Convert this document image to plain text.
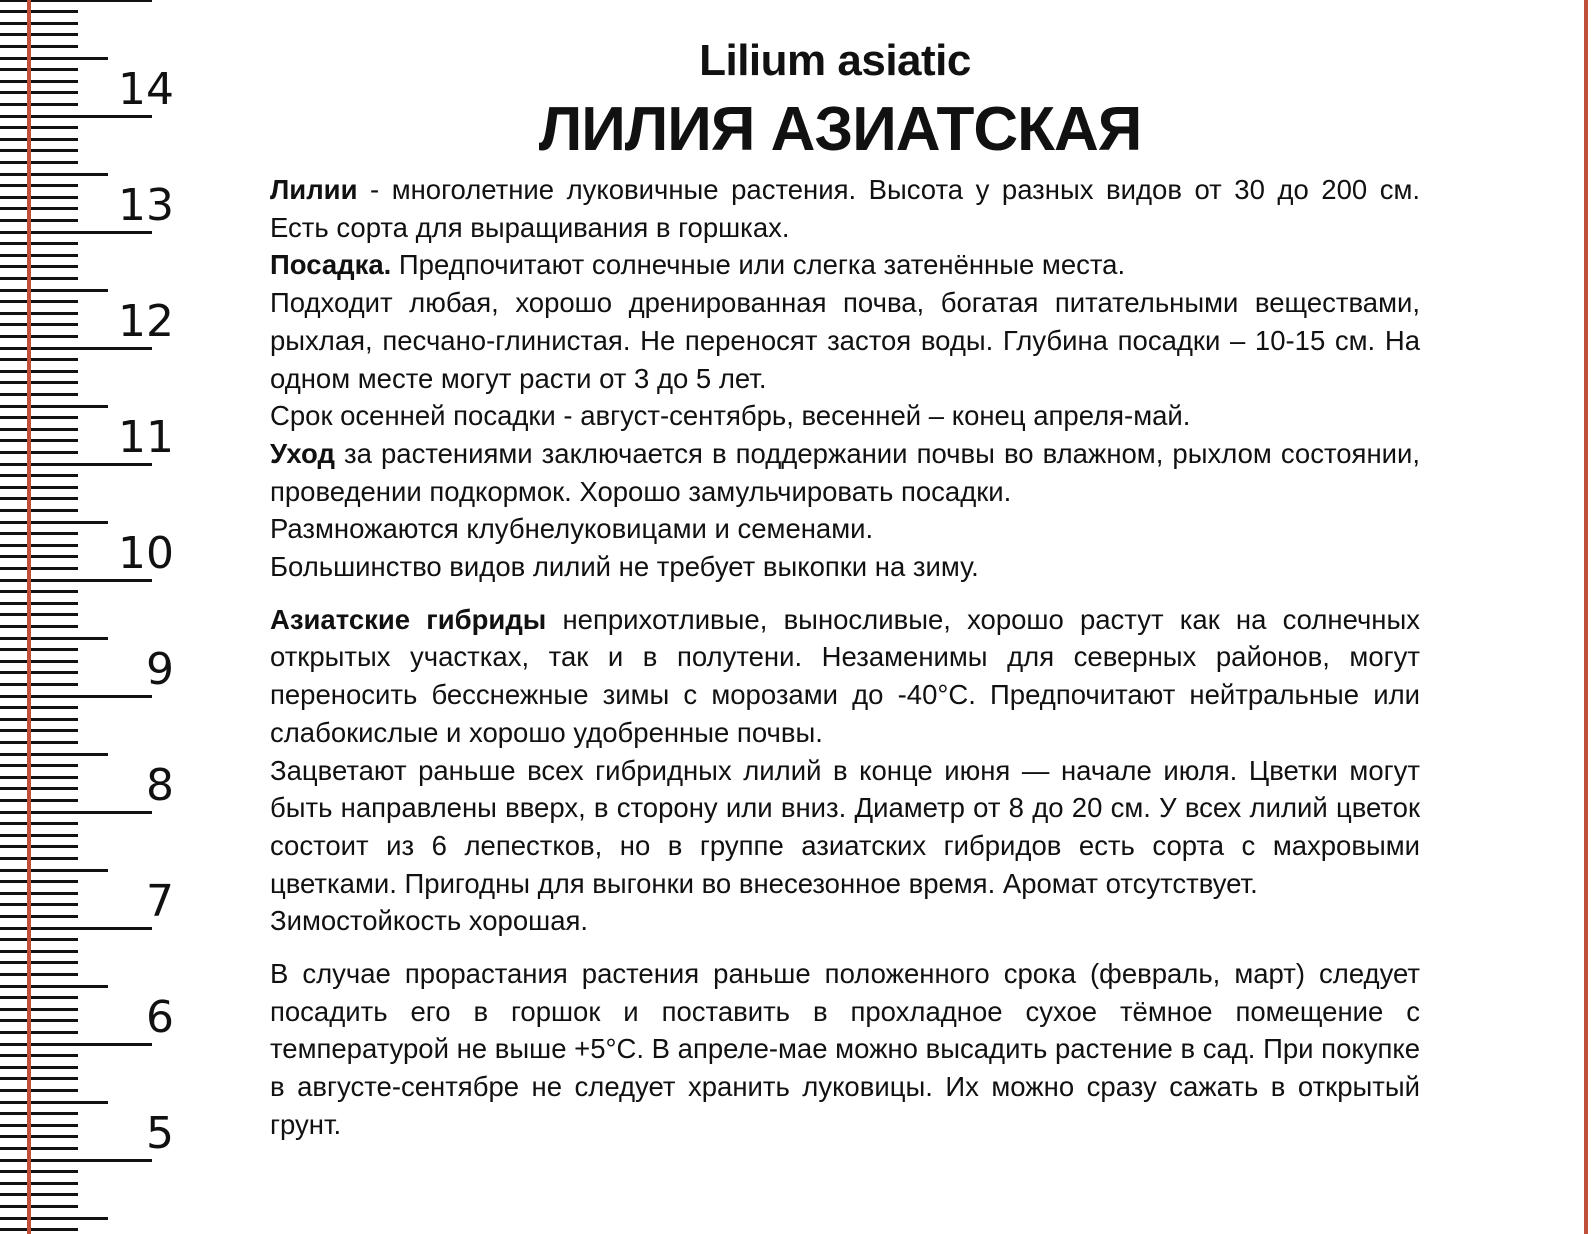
14
13
12
11
10
9
8
7
6
5
Lilium asiatic
ЛИЛИЯ АЗИАТСКАЯ

Лилии - многолетние луковичные растения. Высота у разных видов от 30 до 200 см. Есть сорта для выращивания в горшках.

Посадка. Предпочитают солнечные или слегка затенённые места.

Подходит любая, хорошо дренированная почва, богатая питательными веществами, рыхлая, песчано-глинистая. Не переносят застоя воды. Глубина посадки – 10-15 см. На одном месте могут расти от 3 до 5 лет.

Срок осенней посадки - август-сентябрь, весенней – конец апреля-май.

Уход за растениями заключается в поддержании почвы во влажном, рыхлом состоянии, проведении подкормок. Хорошо замульчировать посадки.

Размножаются клубнелуковицами и семенами.

Большинство видов лилий не требует выкопки на зиму.

Азиатские гибриды неприхотливые, выносливые, хорошо растут как на солнечных открытых участках, так и в полутени. Незаменимы для северных районов, могут переносить бесснежные зимы с морозами до -40°С. Предпочитают нейтральные или слабокислые и хорошо удобренные почвы.

Зацветают раньше всех гибридных лилий в конце июня — начале июля. Цветки могут быть направлены вверх, в сторону или вниз. Диаметр от 8 до 20 см. У всех лилий цветок состоит из 6 лепестков, но в группе азиатских гибридов есть сорта с махровыми цветками. Пригодны для выгонки во внесезонное время. Аромат отсутствует.

Зимостойкость хорошая.

В случае прорастания растения раньше положенного срока (февраль, март) следует посадить его в горшок и поставить в прохладное сухое тёмное помещение с температурой не выше +5°С. В апреле-мае можно высадить растение в сад. При покупке в августе-сентябре не следует хранить луковицы. Их можно сразу сажать в открытый грунт.
